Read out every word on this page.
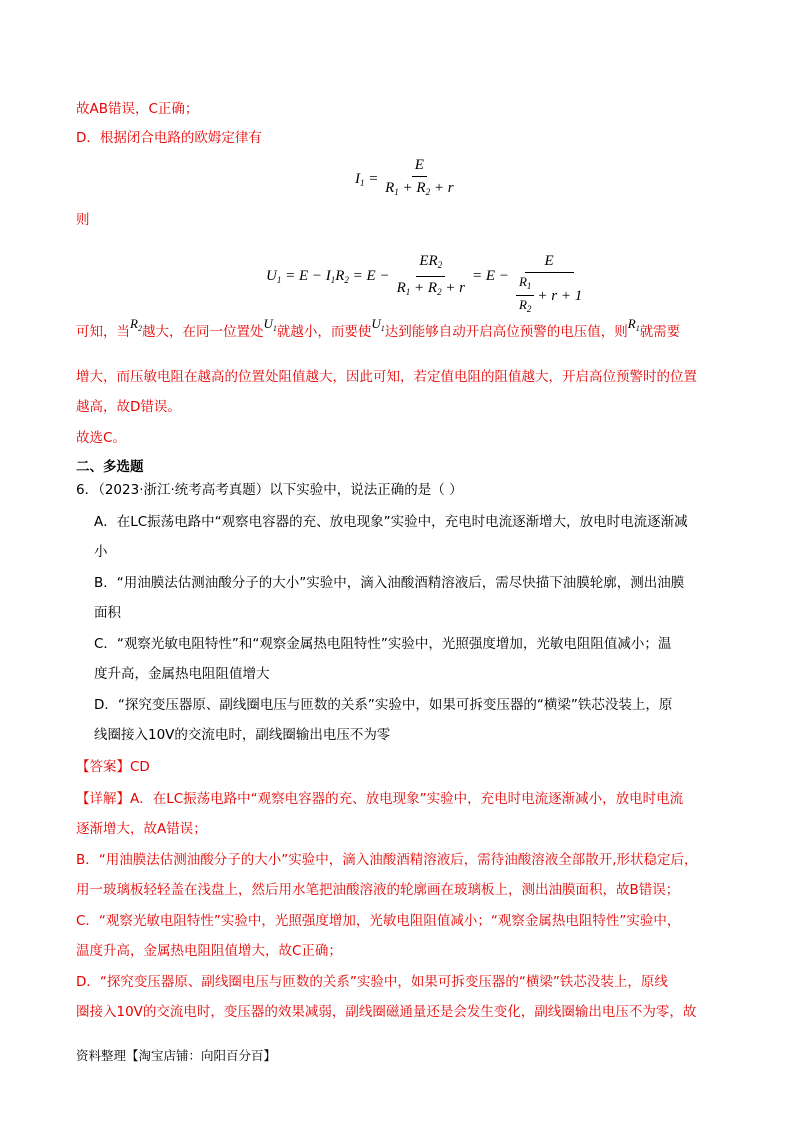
故AB错误，C正确；
D．根据闭合电路的欧姆定律有
$I_1 = \frac{E}{R_1 + R_2 + r}$
则
$U_1 = E - I_1R_2 = E - \frac{ER_2}{R_1 + R_2 + r} = E - \frac{E}{\frac{R_1}{R_2} + r + 1}$
可知，当$R_2$越大，在同一位置处$U_1$就越小，而要使$U_1$达到能够自动开启高位预警的电压值，则$R_1$就需要
增大，而压敏电阻在越高的位置处阻值越大，因此可知，若定值电阻的阻值越大，开启高位预警时的位置
越高，故D错误。
故选C。
二、多选题
6．（2023·浙江·统考高考真题）以下实验中，说法正确的是（ ）
A．在LC振荡电路中“观察电容器的充、放电现象”实验中，充电时电流逐渐增大，放电时电流逐渐减
小
B．“用油膜法估测油酸分子的大小”实验中，滴入油酸酒精溶液后，需尽快描下油膜轮廓，测出油膜
面积
C．“观察光敏电阻特性”和“观察金属热电阻特性”实验中，光照强度增加，光敏电阻阻值减小；温
度升高，金属热电阻阻值增大
D．“探究变压器原、副线圈电压与匝数的关系”实验中，如果可拆变压器的“横梁”铁芯没装上，原
线圈接入10V的交流电时，副线圈输出电压不为零
【答案】CD
【详解】A．在LC振荡电路中“观察电容器的充、放电现象”实验中，充电时电流逐渐减小，放电时电流
逐渐增大，故A错误；
B．“用油膜法估测油酸分子的大小”实验中，滴入油酸酒精溶液后，需待油酸溶液全部散开,形状稳定后，
用一玻璃板轻轻盖在浅盘上，然后用水笔把油酸溶液的轮廓画在玻璃板上，测出油膜面积，故B错误；
C．“观察光敏电阻特性”实验中，光照强度增加，光敏电阻阻值减小；“观察金属热电阻特性”实验中，
温度升高，金属热电阻阻值增大，故C正确；
D．“探究变压器原、副线圈电压与匝数的关系”实验中，如果可拆变压器的“横梁”铁芯没装上，原线
圈接入10V的交流电时，变压器的效果减弱，副线圈磁通量还是会发生变化，副线圈输出电压不为零，故
资料整理【淘宝店铺：向阳百分百】
